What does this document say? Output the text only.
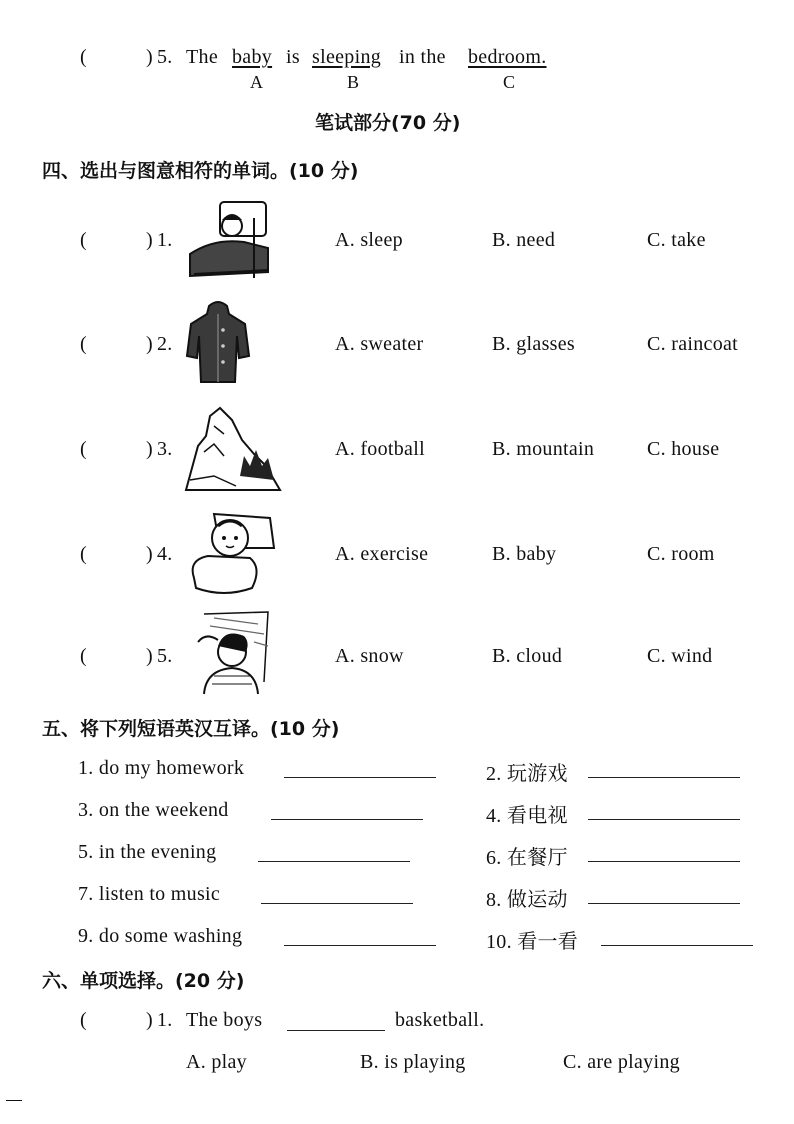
(	) 5. The baby is sleeping in the bedroom.
A	B	C
笔试部分(70 分)
四、选出与图意相符的单词。(10 分)
(	) 1.	A. sleep	B. need	C. take
(	) 2.	A. sweater	B. glasses	C. raincoat
(	) 3.	A. football	B. mountain	C. house
(	) 4.	A. exercise	B. baby	C. room
(	) 5.	A. snow	B. cloud	C. wind
五、将下列短语英汉互译。(10 分)
1. do my homework	2. 玩游戏
3. on the weekend	4. 看电视
5. in the evening	6. 在餐厅
7. listen to music	8. 做运动
9. do some washing	10. 看一看
六、单项选择。(20 分)
(	) 1. The boys	basketball.
A. play	B. is playing	C. are playing
